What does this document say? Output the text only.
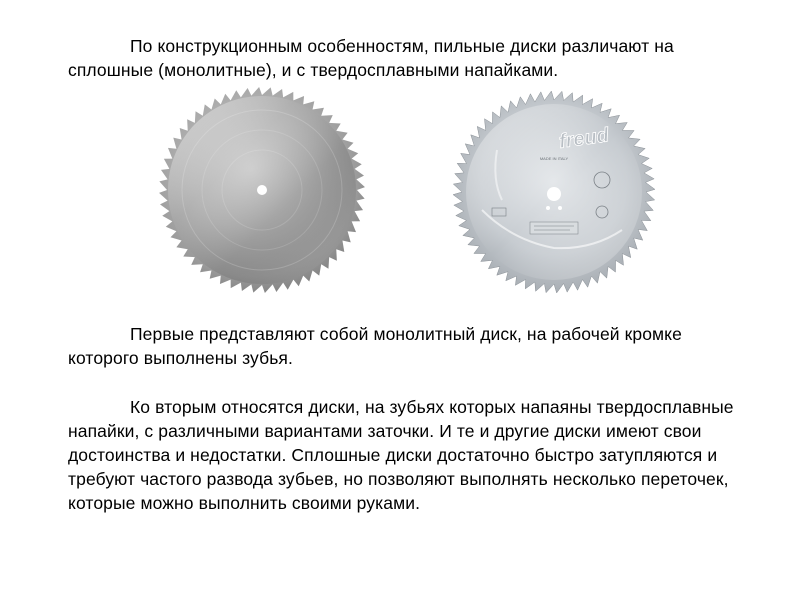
По конструкционным особенностям, пильные диски различают на сплошные (монолитные), и с твердосплавными напайками.

freud
MADE IN ITALY

Первые представляют собой монолитный диск, на рабочей кромке которого выполнены зубья.

Ко вторым относятся диски, на зубьях которых напаяны твердосплавные напайки, с различными вариантами заточки. И те и другие диски имеют свои достоинства и недостатки. Сплошные диски достаточно быстро затупляются и требуют частого развода зубьев, но позволяют выполнять несколько переточек, которые можно выполнить своими руками.
